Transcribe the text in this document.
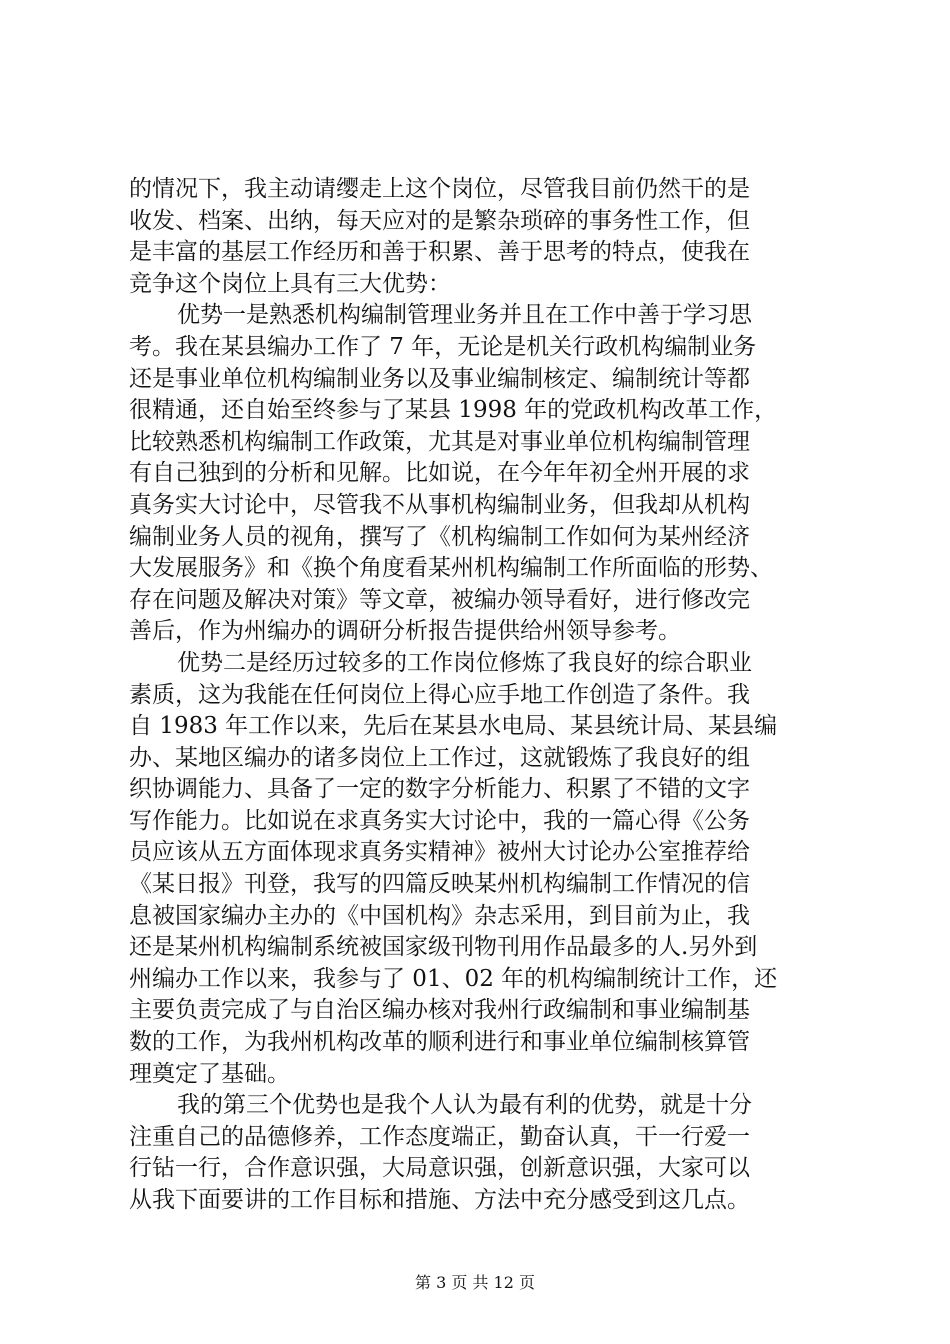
的情况下，我主动请缨走上这个岗位，尽管我目前仍然干的是
收发、档案、出纳，每天应对的是繁杂琐碎的事务性工作，但
是丰富的基层工作经历和善于积累、善于思考的特点，使我在
竞争这个岗位上具有三大优势：
优势一是熟悉机构编制管理业务并且在工作中善于学习思
考。我在某县编办工作了 7 年，无论是机关行政机构编制业务
还是事业单位机构编制业务以及事业编制核定、编制统计等都
很精通，还自始至终参与了某县 1998 年的党政机构改革工作，
比较熟悉机构编制工作政策，尤其是对事业单位机构编制管理
有自己独到的分析和见解。比如说，在今年年初全州开展的求
真务实大讨论中，尽管我不从事机构编制业务，但我却从机构
编制业务人员的视角，撰写了《机构编制工作如何为某州经济
大发展服务》和《换个角度看某州机构编制工作所面临的形势、
存在问题及解决对策》等文章，被编办领导看好，进行修改完
善后，作为州编办的调研分析报告提供给州领导参考。
优势二是经历过较多的工作岗位修炼了我良好的综合职业
素质，这为我能在任何岗位上得心应手地工作创造了条件。我
自 1983 年工作以来，先后在某县水电局、某县统计局、某县编
办、某地区编办的诸多岗位上工作过，这就锻炼了我良好的组
织协调能力、具备了一定的数字分析能力、积累了不错的文字
写作能力。比如说在求真务实大讨论中，我的一篇心得《公务
员应该从五方面体现求真务实精神》被州大讨论办公室推荐给
《某日报》刊登，我写的四篇反映某州机构编制工作情况的信
息被国家编办主办的《中国机构》杂志采用，到目前为止，我
还是某州机构编制系统被国家级刊物刊用作品最多的人.另外到
州编办工作以来，我参与了 01、02 年的机构编制统计工作，还
主要负责完成了与自治区编办核对我州行政编制和事业编制基
数的工作，为我州机构改革的顺利进行和事业单位编制核算管
理奠定了基础。
我的第三个优势也是我个人认为最有利的优势，就是十分
注重自己的品德修养，工作态度端正，勤奋认真，干一行爱一
行钻一行，合作意识强，大局意识强，创新意识强，大家可以
从我下面要讲的工作目标和措施、方法中充分感受到这几点。
第 3 页 共 12 页
